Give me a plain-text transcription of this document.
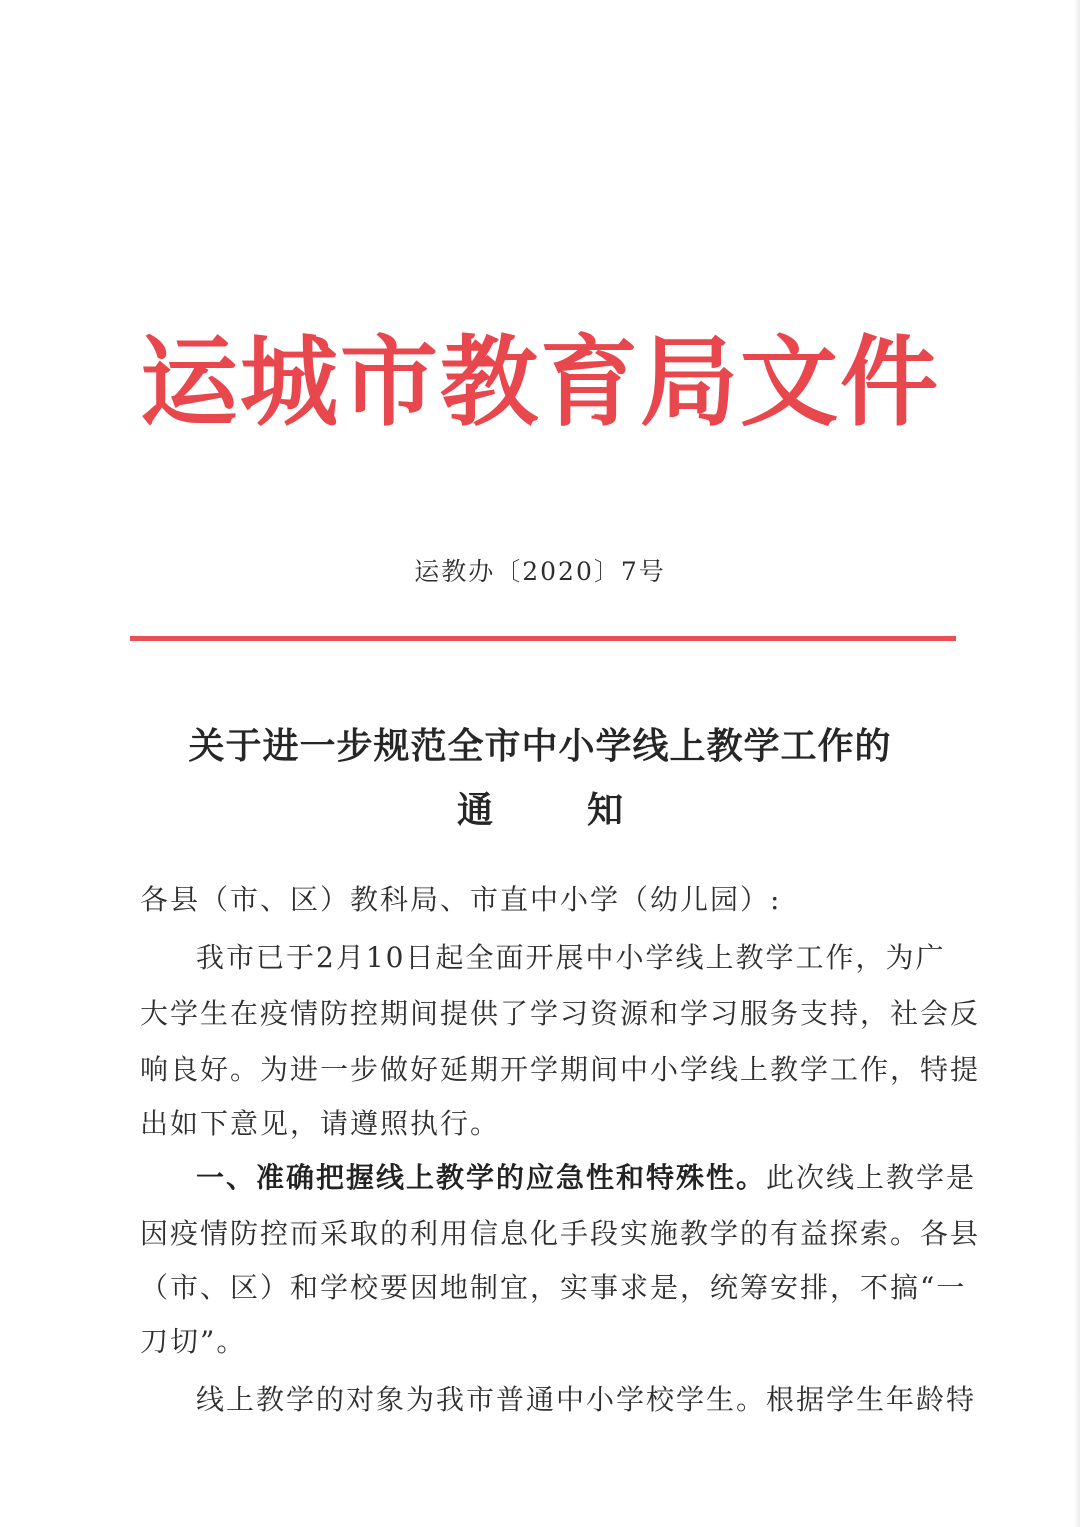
运城市教育局文件
运教办〔2020〕7号
关于进一步规范全市中小学线上教学工作的
通	知
各县（市、区）教科局、市直中小学（幼儿园）:
我市已于2月10日起全面开展中小学线上教学工作，为广
大学生在疫情防控期间提供了学习资源和学习服务支持，社会反
响良好。为进一步做好延期开学期间中小学线上教学工作，特提
出如下意见，请遵照执行。
一、准确把握线上教学的应急性和特殊性。此次线上教学是
因疫情防控而采取的利用信息化手段实施教学的有益探索。各县
（市、区）和学校要因地制宜，实事求是，统筹安排，不搞“一
刀切”。
线上教学的对象为我市普通中小学校学生。根据学生年龄特
